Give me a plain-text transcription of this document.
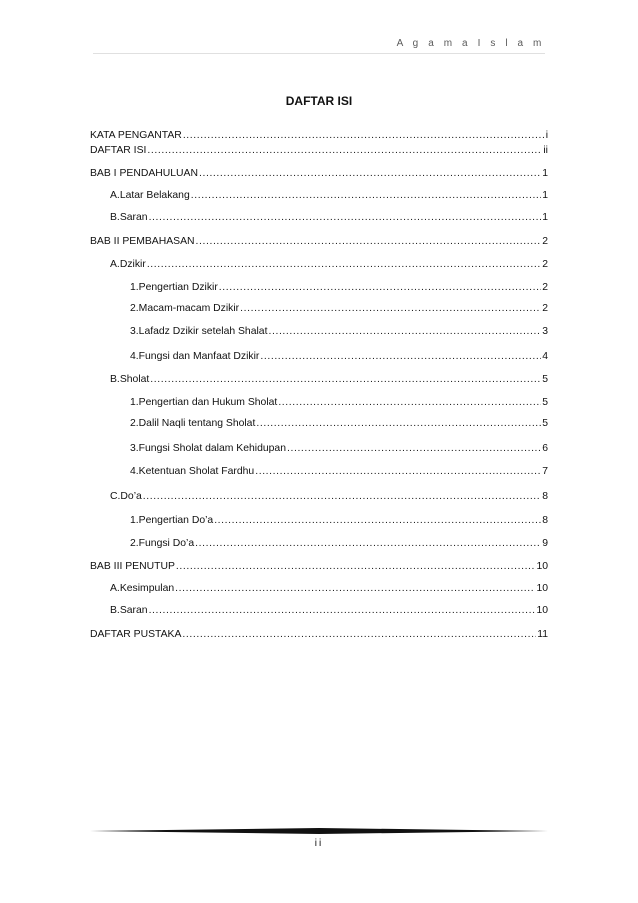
A g a m a I s l a m
DAFTAR ISI
KATA PENGANTAR .....	i
DAFTAR ISI .....	ii
BAB I PENDAHULUAN .....	1
A. Latar Belakang .....	1
B. Saran .....	1
BAB II PEMBAHASAN .....	2
A. Dzikir .....	2
1. Pengertian Dzikir .....	2
2. Macam-macam Dzikir .....	2
3. Lafadz Dzikir setelah Shalat .....	3
4. Fungsi dan Manfaat Dzikir .....	4
B. Sholat .....	5
1. Pengertian dan Hukum Sholat .....	5
2. Dalil Naqli tentang Sholat .....	5
3. Fungsi Sholat dalam Kehidupan .....	6
4. Ketentuan Sholat Fardhu .....	7
C. Do’a .....	8
1. Pengertian Do’a .....	8
2. Fungsi Do’a .....	9
BAB III PENUTUP .....	10
A. Kesimpulan .....	10
B. Saran .....	10
DAFTAR PUSTAKA .....	11
ii
